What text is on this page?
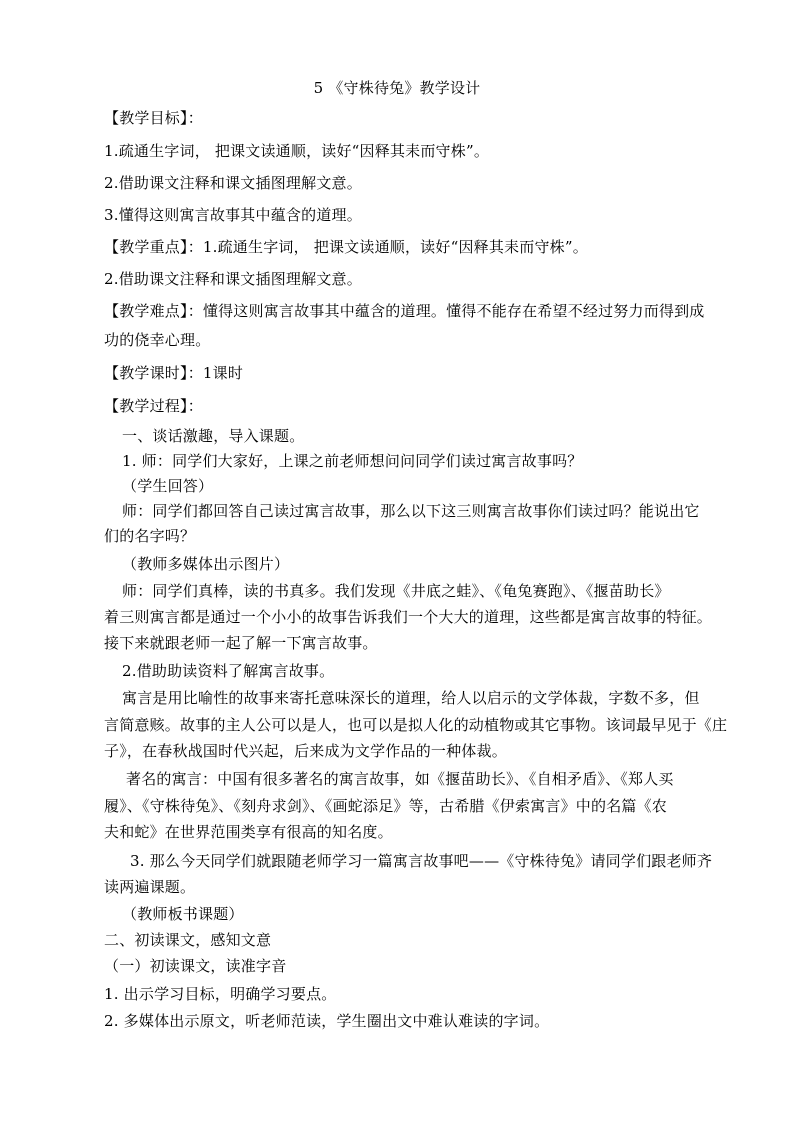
5 《守株待兔》教学设计
【教学目标】：
1.疏通生字词， 把课文读通顺，读好“因释其耒而守株”。
2.借助课文注释和课文插图理解文意。
3.懂得这则寓言故事其中蕴含的道理。
【教学重点】：1.疏通生字词， 把课文读通顺，读好“因释其耒而守株”。
2.借助课文注释和课文插图理解文意。
【教学难点】：懂得这则寓言故事其中蕴含的道理。懂得不能存在希望不经过努力而得到成
功的侥幸心理。
【教学课时】：1课时
【教学过程】：
一、谈话激趣，导入课题。
1. 师：同学们大家好，上课之前老师想问问同学们读过寓言故事吗？
（学生回答）
师：同学们都回答自己读过寓言故事，那么以下这三则寓言故事你们读过吗？能说出它
们的名字吗？
（教师多媒体出示图片）
师：同学们真棒，读的书真多。我们发现《井底之蛙》、《龟兔赛跑》、《揠苗助长》
着三则寓言都是通过一个小小的故事告诉我们一个大大的道理，这些都是寓言故事的特征。
接下来就跟老师一起了解一下寓言故事。
2.借助助读资料了解寓言故事。
寓言是用比喻性的故事来寄托意味深长的道理，给人以启示的文学体裁，字数不多，但
言简意赅。故事的主人公可以是人，也可以是拟人化的动植物或其它事物。该词最早见于《庄
子》，在春秋战国时代兴起，后来成为文学作品的一种体裁。
著名的寓言：中国有很多著名的寓言故事，如《揠苗助长》、《自相矛盾》、《郑人买
履》、《守株待兔》、《刻舟求剑》、《画蛇添足》等，古希腊《伊索寓言》中的名篇《农
夫和蛇》在世界范围类享有很高的知名度。
3. 那么今天同学们就跟随老师学习一篇寓言故事吧——《守株待兔》请同学们跟老师齐
读两遍课题。
（教师板书课题）
二、初读课文，感知文意
（一）初读课文，读准字音
1. 出示学习目标，明确学习要点。
2. 多媒体出示原文，听老师范读，学生圈出文中难认难读的字词。
